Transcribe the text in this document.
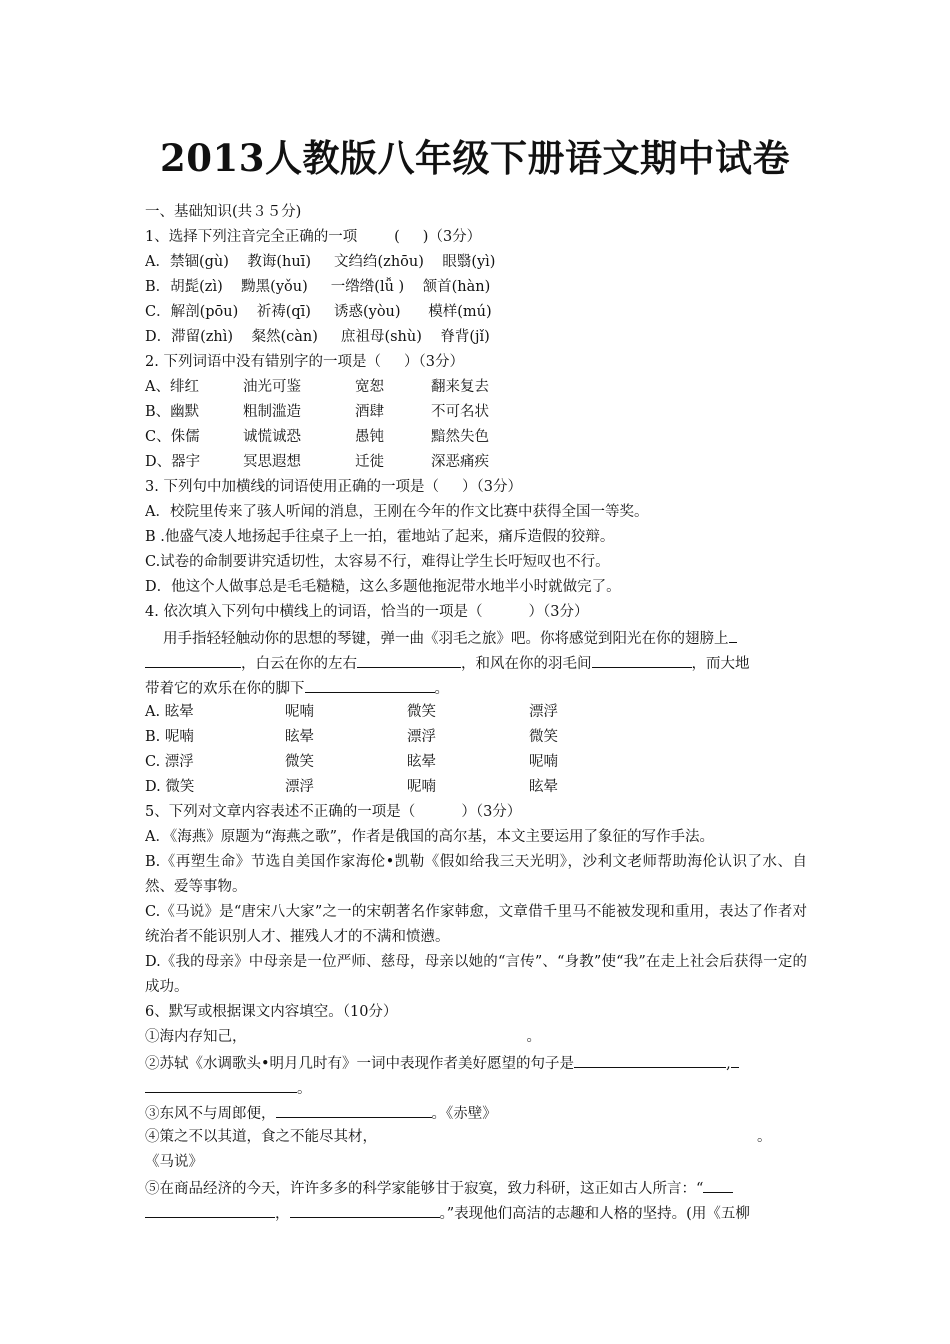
2013人教版八年级下册语文期中试卷
一、基础知识(共３５分)
1、选择下列注音完全正确的一项        (     )（3分）
A．禁锢(gù)    教诲(huī)     文绉绉(zhōu)    眼翳(yì)
B．胡髭(zì)    黝黑(yǒu)     一绺绺(lǚ )    颔首(hàn)
C．解剖(pōu)    祈祷(qī)     诱惑(yòu)      模样(mú)
D．滞留(zhì)    粲然(càn)     庶祖母(shù)    脊背(jǐ)
2. 下列词语中没有错别字的一项是（     ）（3分）
A、绯红	油光可鉴	宽恕	翻来复去
B、幽默	粗制滥造	酒肆	不可名状
C、侏儒	诚慌诚恐	愚钝	黯然失色
D、器宇	冥思遐想	迁徙	深恶痛疾
3. 下列句中加横线的词语使用正确的一项是（     ）（3分）
A．校院里传来了骇人听闻的消息，王刚在今年的作文比赛中获得全国一等奖。
B .他盛气凌人地扬起手往桌子上一拍，霍地站了起来，痛斥造假的狡辩。
C.试卷的命制要讲究适切性，太容易不行，难得让学生长吁短叹也不行。
D．他这个人做事总是毛毛糙糙，这么多题他拖泥带水地半小时就做完了。
4. 依次填入下列句中横线上的词语，恰当的一项是（          ）（3分）
用手指轻轻触动你的思想的琴键，弹一曲《羽毛之旅》吧。你将感觉到阳光在你的翅膀上
，白云在你的左右	，和风在你的羽毛间	，而大地
带着它的欢乐在你的脚下	。
A. 眩晕	呢喃	微笑	漂浮
B. 呢喃	眩晕	漂浮	微笑
C. 漂浮	微笑	眩晕	呢喃
D. 微笑	漂浮	呢喃	眩晕
5、下列对文章内容表述不正确的一项是（          ）（3分）
A．《海燕》原题为“海燕之歌”，作者是俄国的高尔基，本文主要运用了象征的写作手法。
B.《再塑生命》节选自美国作家海伦•凯勒《假如给我三天光明》，沙利文老师帮助海伦认识了水、自然、爱等事物。
C.《马说》是“唐宋八大家”之一的宋朝著名作家韩愈，文章借千里马不能被发现和重用，表达了作者对统治者不能识别人才、摧残人才的不满和愤懑。
D.《我的母亲》中母亲是一位严师、慈母，母亲以她的“言传”、“身教”使“我”在走上社会后获得一定的成功。
6、默写或根据课文内容填空。（10分）
①海内存知己，	。
②苏轼《水调歌头•明月几时有》一词中表现作者美好愿望的句子是	,
。
③东风不与周郎便，	。《赤壁》
④策之不以其道，食之不能尽其材，	。
《马说》
⑤在商品经济的今天，许许多多的科学家能够甘于寂寞，致力科研，这正如古人所言：“
，	。”表现他们高洁的志趣和人格的坚持。(用《五柳
